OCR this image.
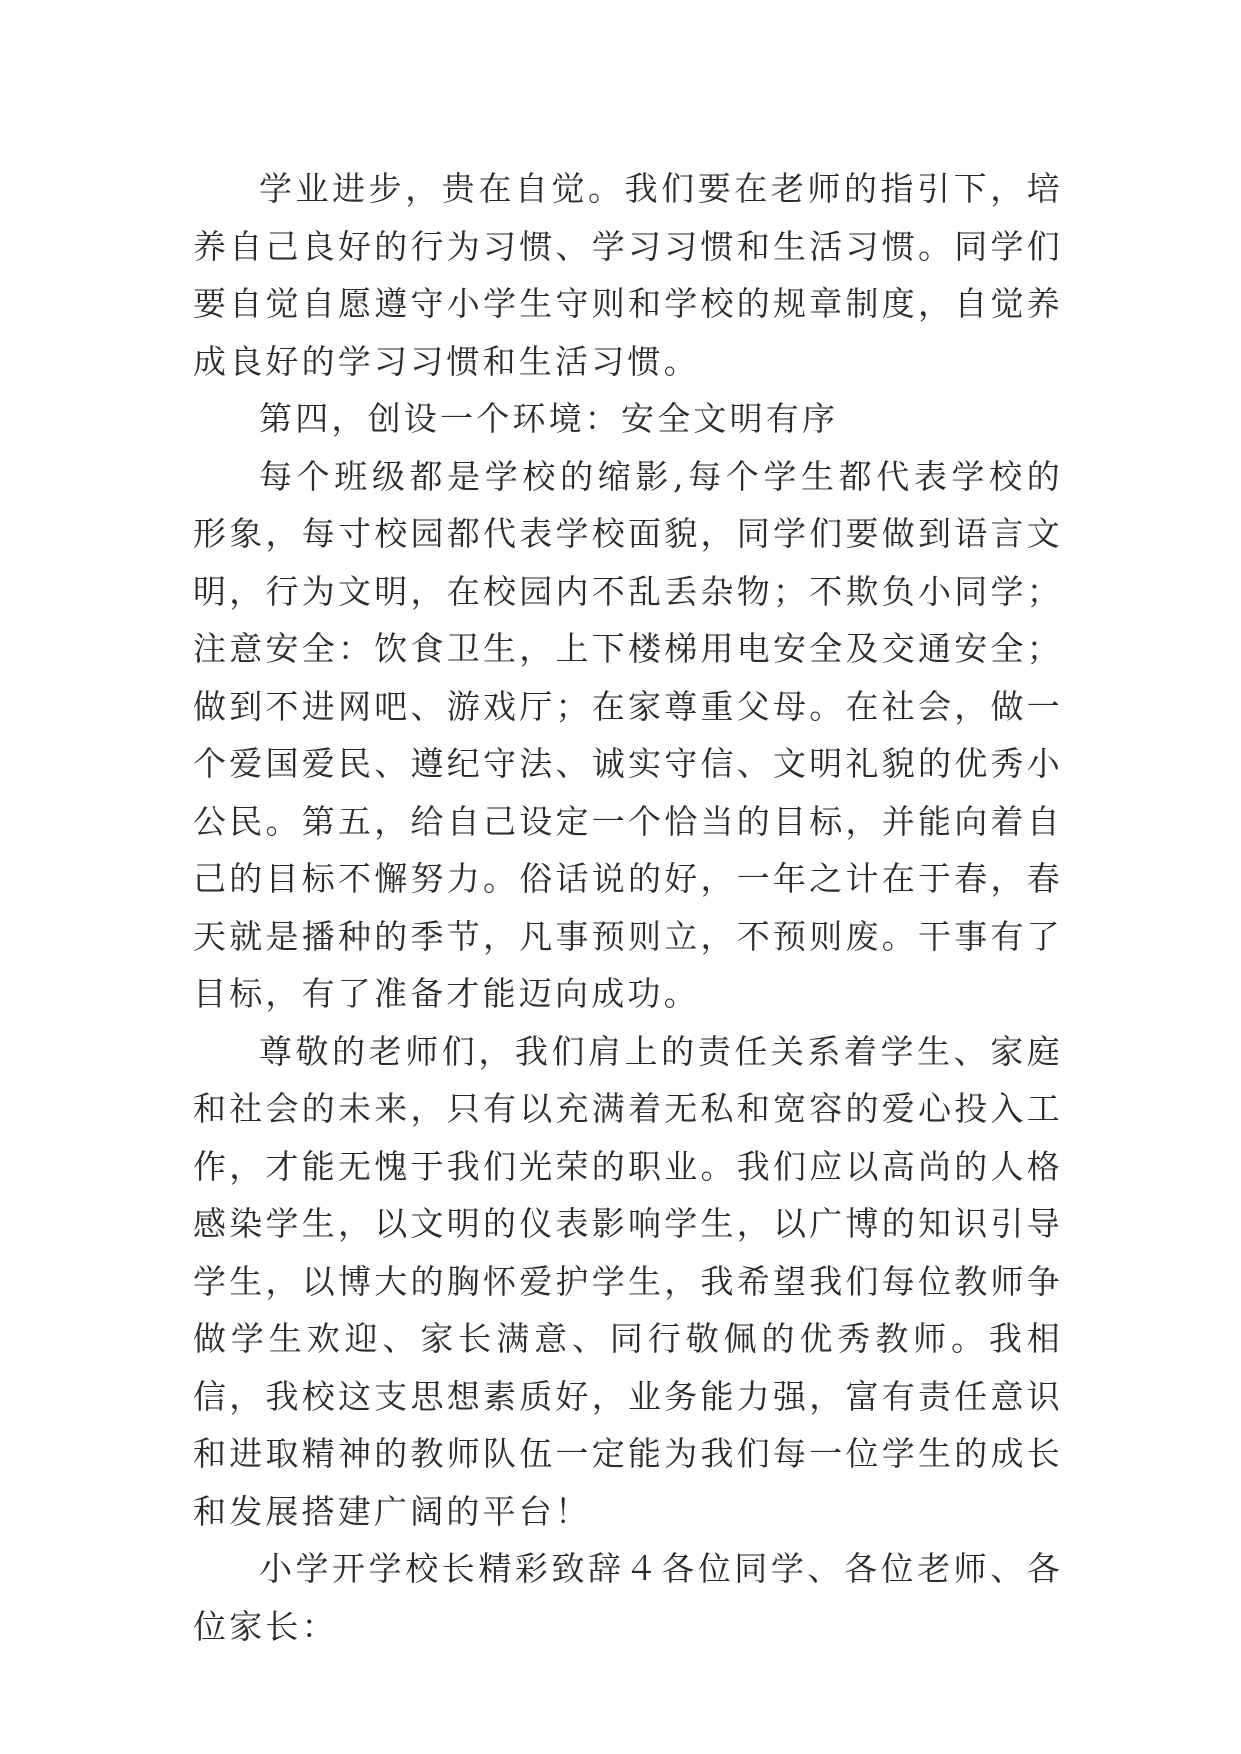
学业进步，贵在自觉。我们要在老师的指引下，培养自己良好的行为习惯、学习习惯和生活习惯。同学们要自觉自愿遵守小学生守则和学校的规章制度，自觉养成良好的学习习惯和生活习惯。

第四，创设一个环境：安全文明有序

每个班级都是学校的缩影,每个学生都代表学校的形象，每寸校园都代表学校面貌，同学们要做到语言文明，行为文明，在校园内不乱丢杂物；不欺负小同学；注意安全：饮食卫生，上下楼梯用电安全及交通安全；做到不进网吧、游戏厅；在家尊重父母。在社会，做一个爱国爱民、遵纪守法、诚实守信、文明礼貌的优秀小公民。第五，给自己设定一个恰当的目标，并能向着自己的目标不懈努力。俗话说的好，一年之计在于春，春天就是播种的季节，凡事预则立，不预则废。干事有了目标，有了准备才能迈向成功。

尊敬的老师们，我们肩上的责任关系着学生、家庭和社会的未来，只有以充满着无私和宽容的爱心投入工作，才能无愧于我们光荣的职业。我们应以高尚的人格感染学生，以文明的仪表影响学生，以广博的知识引导学生，以博大的胸怀爱护学生，我希望我们每位教师争做学生欢迎、家长满意、同行敬佩的优秀教师。我相信，我校这支思想素质好，业务能力强，富有责任意识和进取精神的教师队伍一定能为我们每一位学生的成长和发展搭建广阔的平台！

小学开学校长精彩致辞４各位同学、各位老师、各位家长：
